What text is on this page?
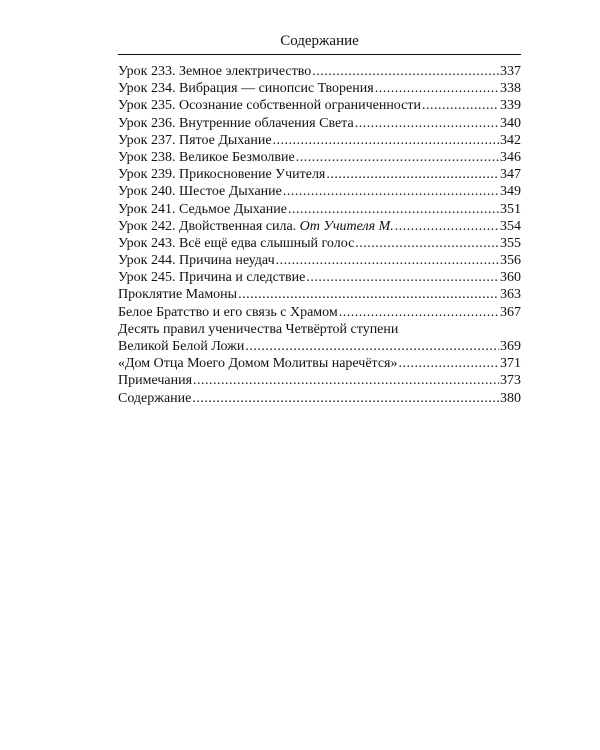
Содержание
Урок 233. Земное электричество .....	337
Урок 234. Вибрация — синопсис Творения .....	338
Урок 235. Осознание собственной ограниченности .....	339
Урок 236. Внутренние облачения Света .....	340
Урок 237. Пятое Дыхание .....	342
Урок 238. Великое Безмолвие .....	346
Урок 239. Прикосновение Учителя .....	347
Урок 240. Шестое Дыхание .....	349
Урок 241. Седьмое Дыхание .....	351
Урок 242. Двойственная сила. От Учителя М. .....	354
Урок 243. Всё ещё едва слышный голос .....	355
Урок 244. Причина неудач .....	356
Урок 245. Причина и следствие .....	360
Проклятие Мамоны .....	363
Белое Братство и его связь с Храмом .....	367
Десять правил ученичества Четвёртой ступени
Великой Белой Ложи .....	369
«Дом Отца Моего Домом Молитвы наречётся» .....	371
Примечания .....	373
Содержание .....	380
